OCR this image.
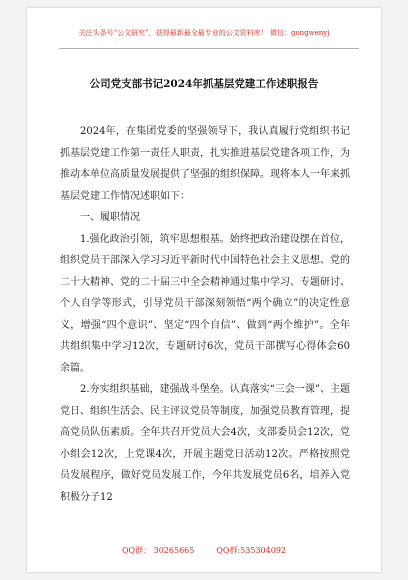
关注头条号“公文研究”，获得最新最全最专业的公文资料库！ 微信：gongwenyj
公司党支部书记2024年抓基层党建工作述职报告

2024年，在集团党委的坚强领导下，我认真履行党组织书记抓基层党建工作第一责任人职责，扎实推进基层党建各项工作，为推动本单位高质量发展提供了坚强的组织保障。现将本人一年来抓基层党建工作情况述职如下：

一、履职情况

1.强化政治引领，筑牢思想根基。始终把政治建设摆在首位，组织党员干部深入学习习近平新时代中国特色社会主义思想、党的二十大精神、党的二十届三中全会精神通过集中学习、专题研讨、个人自学等形式，引导党员干部深刻领悟“两个确立”的决定性意义，增强“四个意识”、坚定“四个自信”、做到“两个维护”。全年共组织集中学习12次，专题研讨6次，党员干部撰写心得体会60余篇。

2.夯实组织基础，建强战斗堡垒。认真落实“三会一课”、主题党日、组织生活会、民主评议党员等制度，加强党员教育管理，提高党员队伍素质。全年共召开党员大会4次，支部委员会12次，党小组会12次，上党课4次，开展主题党日活动12次。严格按照党员发展程序，做好党员发展工作，今年共发展党员6名，培养入党积极分子12

QQ群： 30265665	QQ群:535304092
